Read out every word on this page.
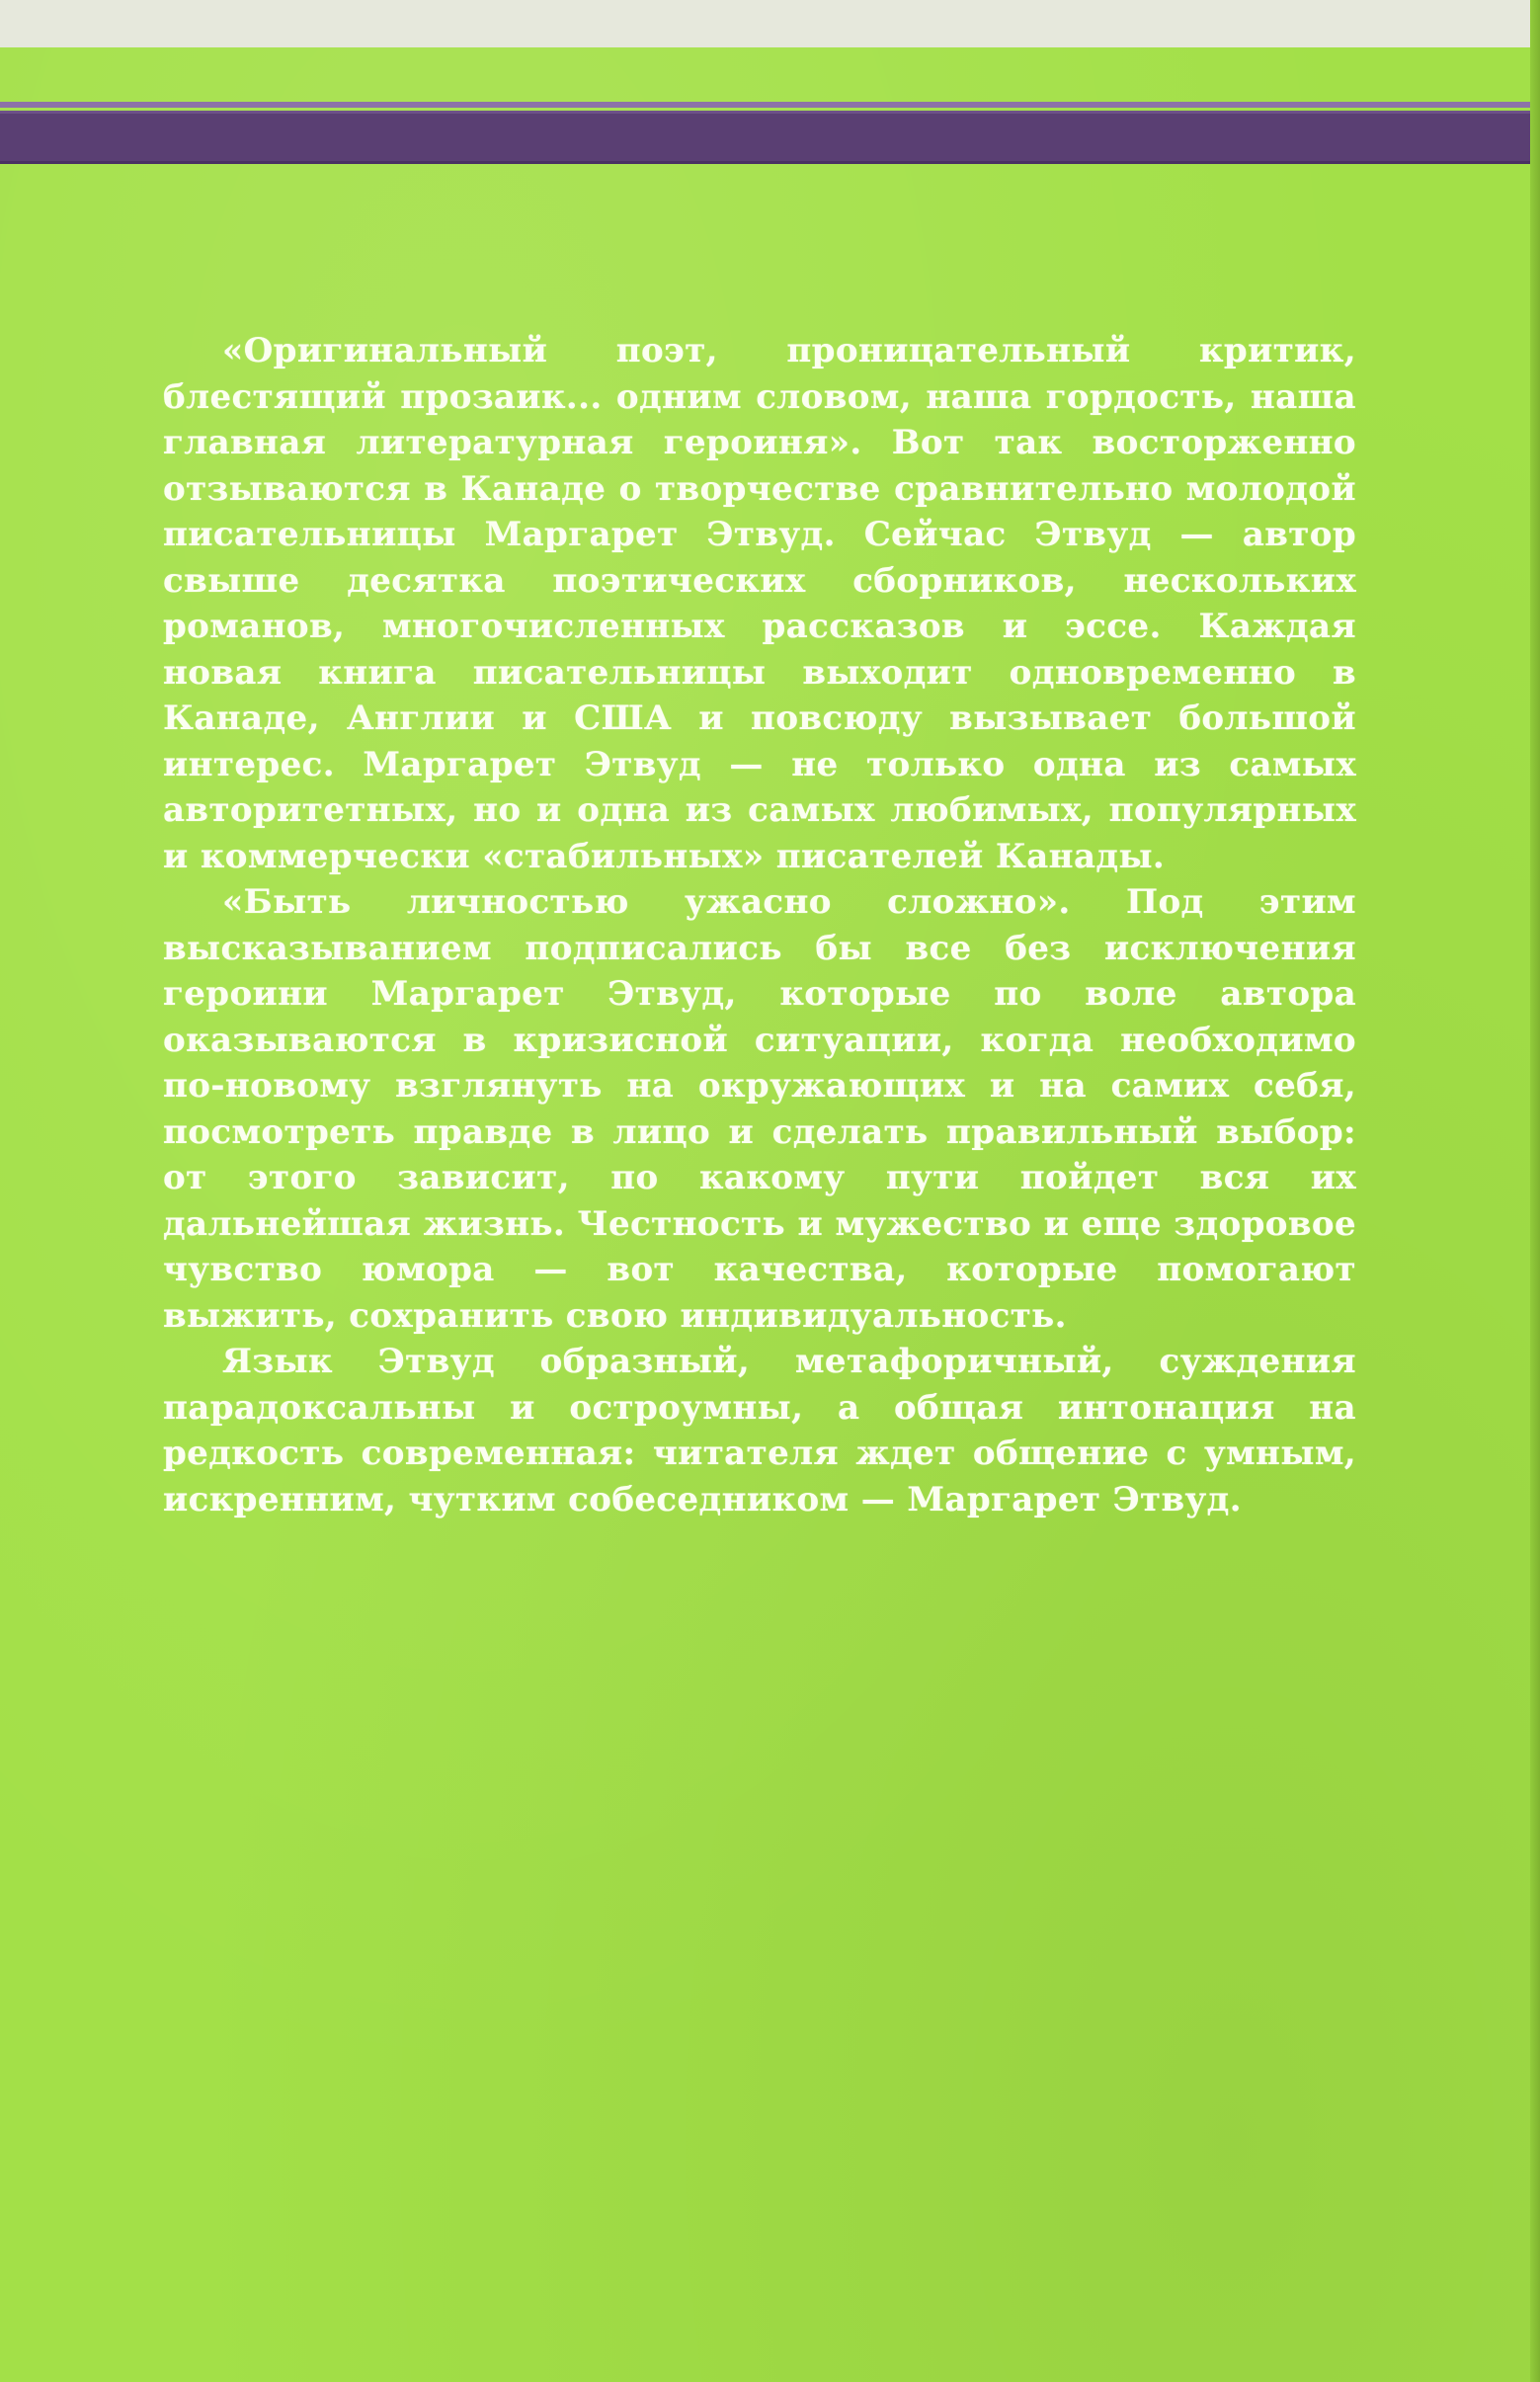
«Оригинальный поэт, проницательный критик, блестящий прозаик... одним словом, наша гордость, наша главная литературная героиня». Вот так восторженно отзываются в Канаде о творчестве сравнительно молодой писательницы Маргарет Этвуд. Сейчас Этвуд — автор свыше десятка поэтических сборников, нескольких романов, многочисленных рассказов и эссе. Каждая новая книга писательницы выходит одновременно в Канаде, Англии и США и повсюду вызывает большой интерес. Маргарет Этвуд — не только одна из самых авторитетных, но и одна из самых любимых, популярных и коммерчески «стабильных» писателей Канады.

«Быть личностью ужасно сложно». Под этим высказыванием подписались бы все без исключения героини Маргарет Этвуд, которые по воле автора оказываются в кризисной ситуации, когда необходимо по-новому взглянуть на окружающих и на самих себя, посмотреть правде в лицо и сделать правильный выбор: от этого зависит, по какому пути пойдет вся их дальнейшая жизнь. Честность и мужество и еще здоровое чувство юмора — вот качества, которые помогают выжить, сохранить свою индивидуальность.

Язык Этвуд образный, метафоричный, суждения парадоксальны и остроумны, а общая интонация на редкость современная: читателя ждет общение с умным, искренним, чутким собеседником — Маргарет Этвуд.
